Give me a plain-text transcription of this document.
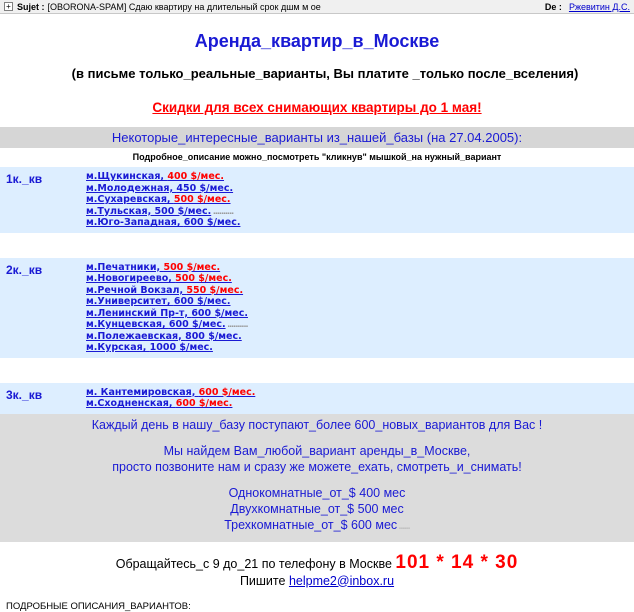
+ Sujet : [OBORONA-SPAM] Сдаю квартиру на длительный срок дшм м ое	De : Ржевитин Д.С.
Аренда_квартир_в_Москве
(в письме только_реальные_варианты, Вы платите _только после_вселения)
Скидки для всех снимающих квартиры до 1 мая!
Некоторые_интересные_варианты из_нашей_базы (на 27.04.2005):
Подробное_описание можно_посмотреть "кликнув" мышкой_на нужный_вариант
1к._кв	м.Щукинская, 400 $/мес.
м.Молодежная, 450 $/мес.
м.Сухаревская, 500 $/мес.
м.Тульская, 500 $/мес. ▪▪▪▪▪▪▪▪▪▪
м.Юго-Западная, 600 $/мес.
2к._кв	м.Печатники, 500 $/мес.
м.Новогиреево, 500 $/мес.
м.Речной Вокзал, 550 $/мес.
м.Университет, 600 $/мес.
м.Ленинский Пр-т, 600 $/мес.
м.Кунцевская, 600 $/мес. ▪▪▪▪▪▪▪▪▪▪
м.Полежаевская, 800 $/мес.
м.Курская, 1000 $/мес.
3к._кв	м. Кантемировская, 600 $/мес.
м.Сходненская, 600 $/мес.

Каждый день в нашу_базу поступают_более 600_новых_вариантов для Вас !

Мы найдем Вам_любой_вариант аренды_в_Москве,

просто позвоните нам и сразу же можете_ехать, смотреть_и_снимать!

Однокомнатные_от_$ 400 мес

Двухкомнатные_от_$ 500 мес

Трехкомнатные_от_$ 600 мес ▪▪▪▪▪▪▪▪▪▪

Обращайтесь_с 9 до_21 по телефону в Москве 101 * 14 * 30
Пишите helpme2@inbox.ru
ПОДРОБНЫЕ ОПИСАНИЯ_ВАРИАНТОВ:
